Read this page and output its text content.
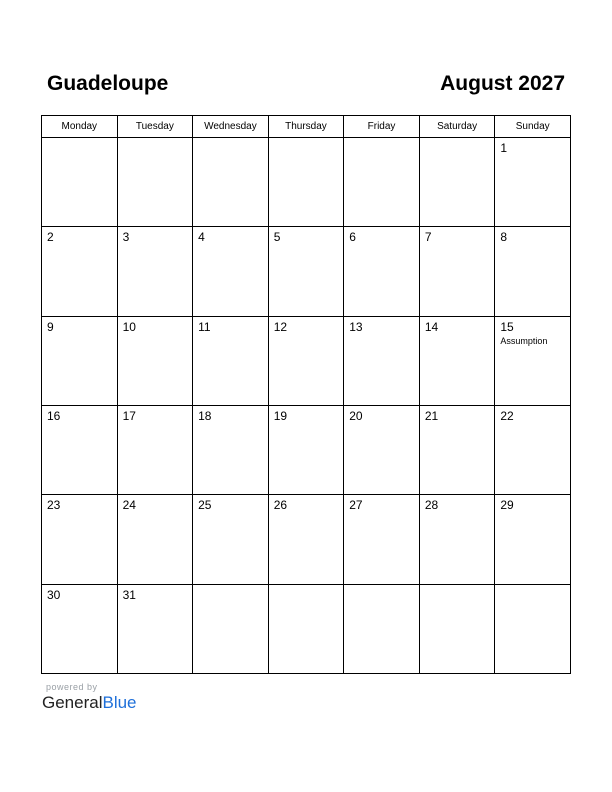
Guadeloupe	August 2027
Monday	Tuesday	Wednesday	Thursday	Friday	Saturday	Sunday

						1

2	3	4	5	6	7	8

9	10	11	12	13	14	15
Assumption

16	17	18	19	20	21	22

23	24	25	26	27	28	29

30	31					

powered by
GeneralBlue
